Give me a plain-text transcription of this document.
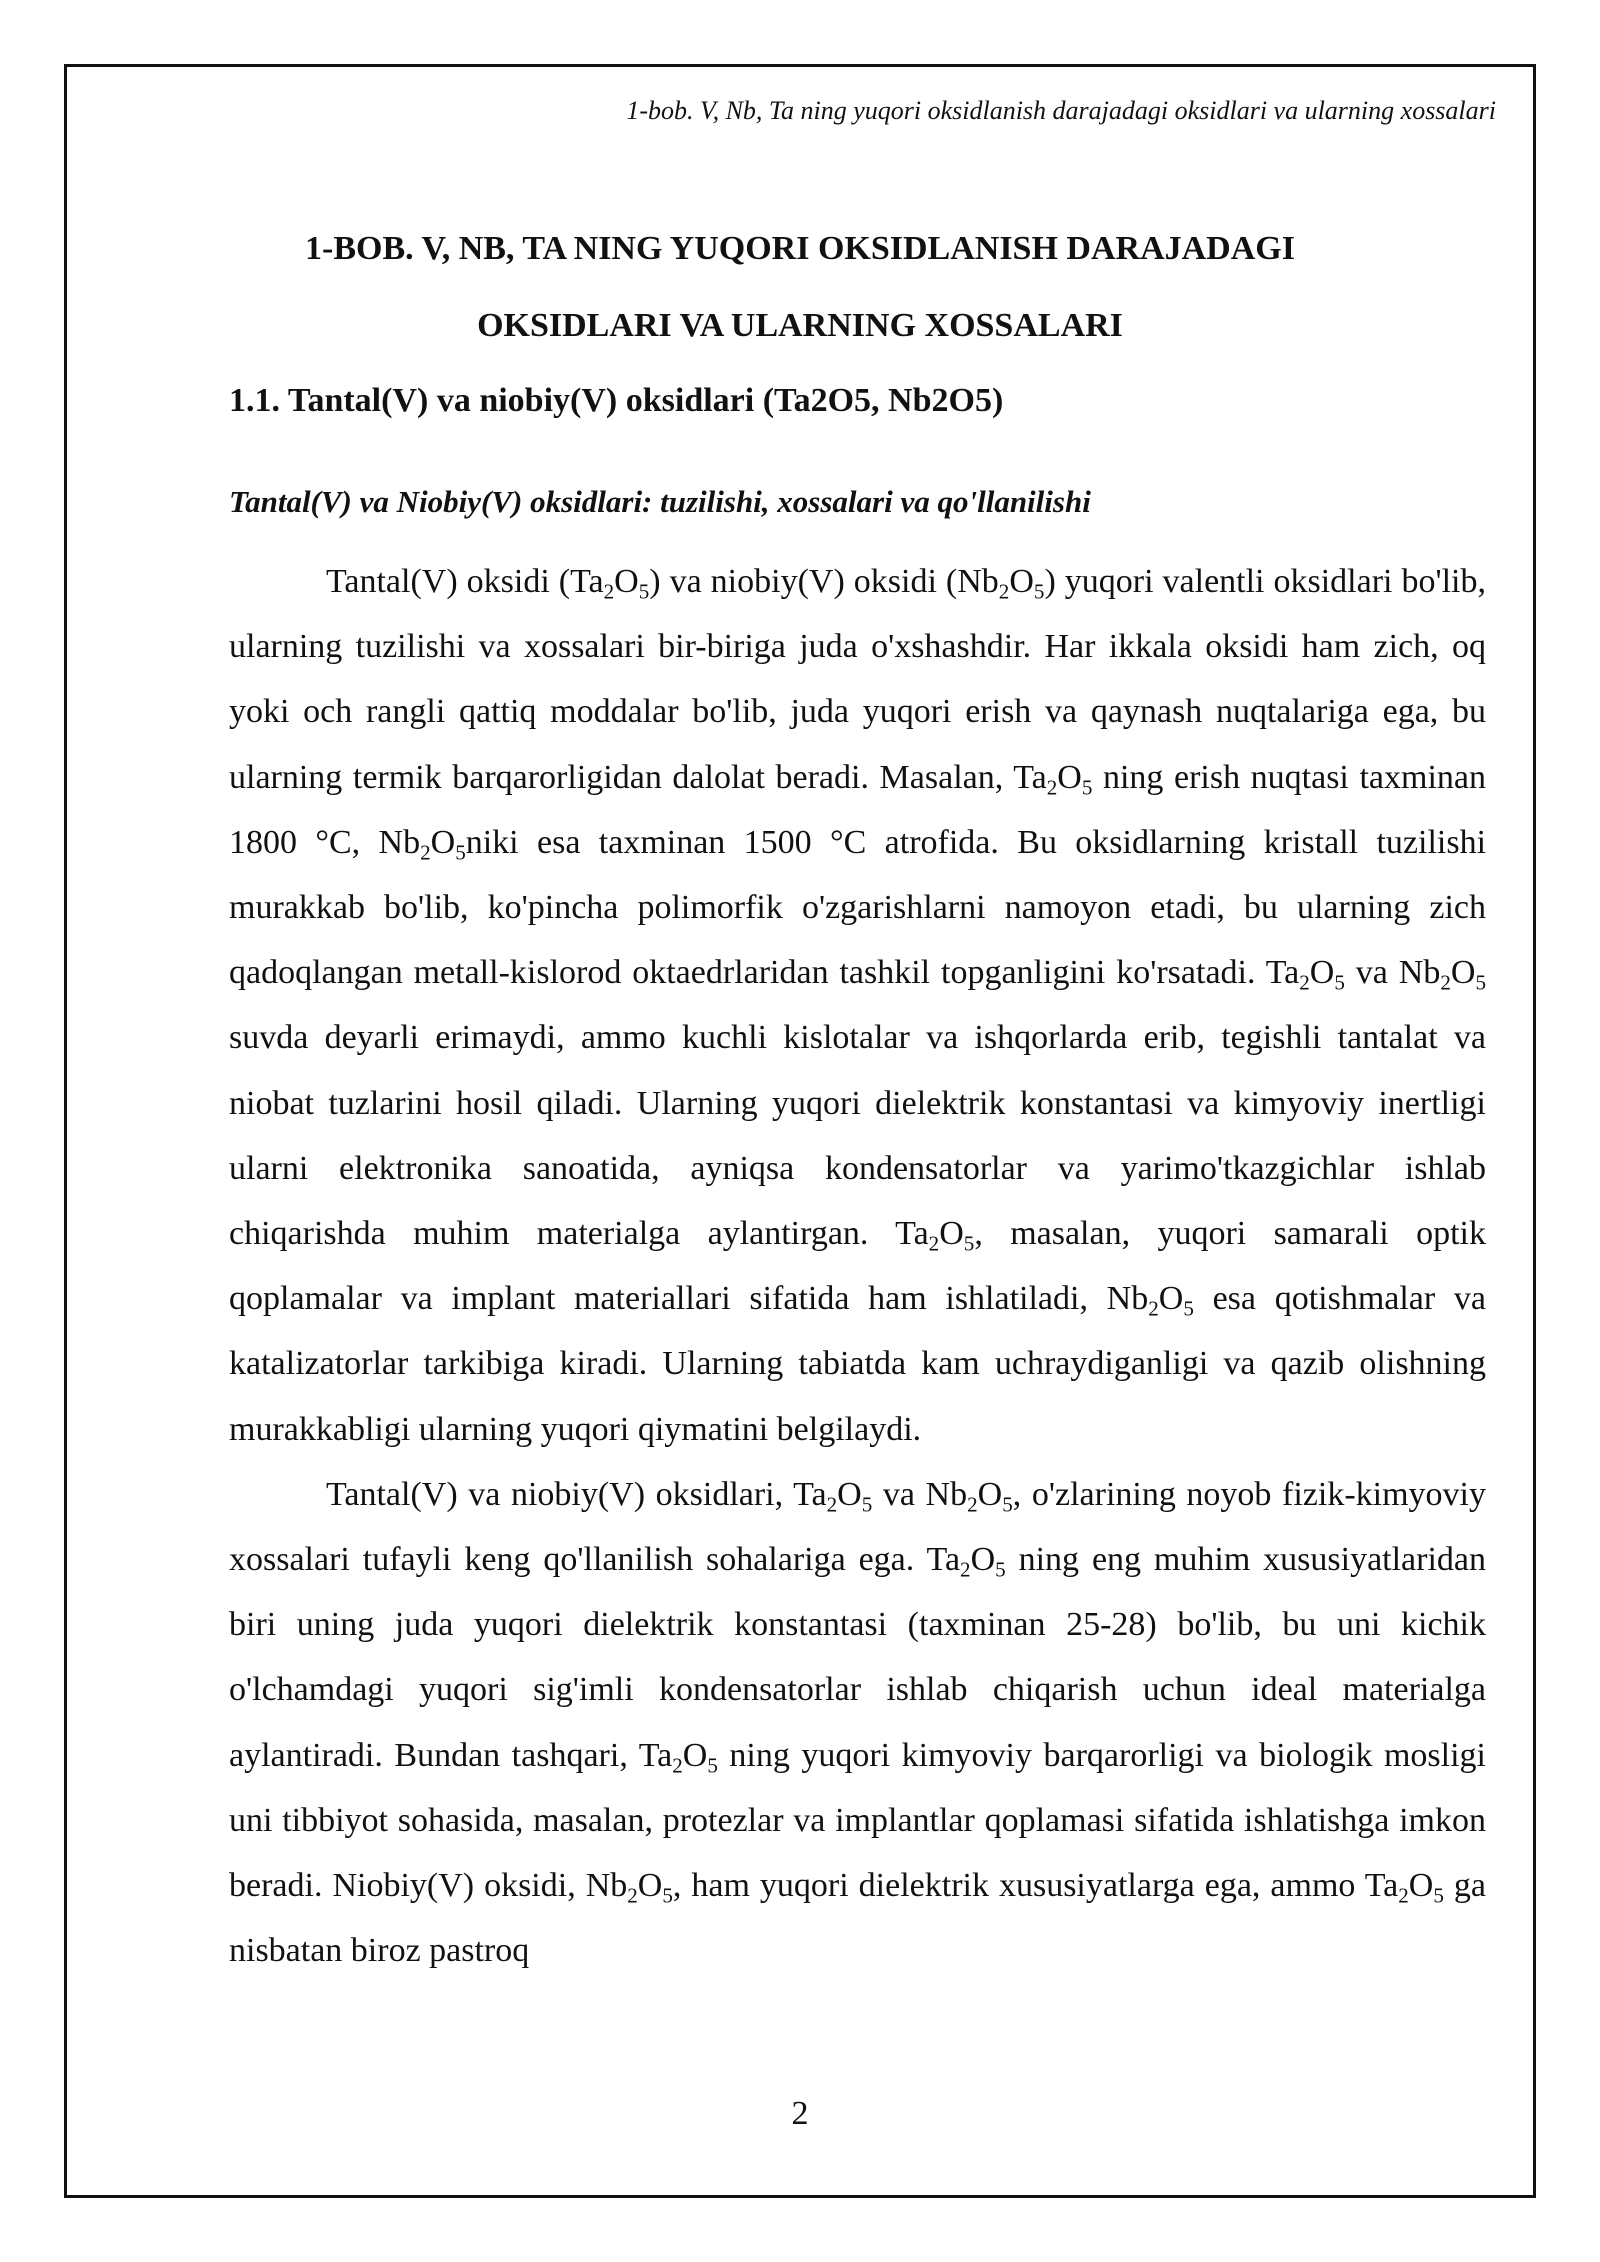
1-bob. V, Nb, Ta ning yuqori oksidlanish darajadagi oksidlari va ularning xossalari
1-BOB. V, NB, TA NING YUQORI OKSIDLANISH DARAJADAGI OKSIDLARI VA ULARNING XOSSALARI
1.1. Tantal(V) va niobiy(V) oksidlari (Ta2O5, Nb2O5)
Tantal(V) va Niobiy(V) oksidlari: tuzilishi, xossalari va qo'llanilishi

Tantal(V) oksidi $(Ta_2O_5)$ va niobiy(V) oksidi $(Nb_2O_5)$ yuqori valentli oksidlari bo'lib, ularning tuzilishi va xossalari bir-biriga juda o'xshashdir. Har ikkala oksidi ham zich, oq yoki och rangli qattiq moddalar bo'lib, juda yuqori erish va qaynash nuqtalariga ega, bu ularning termik barqarorligidan dalolat beradi. Masalan, $Ta_2O_5$ ning erish nuqtasi taxminan 1800 °C, $Nb_2O_5niki$ esa taxminan 1500 °C atrofida. Bu oksidlarning kristall tuzilishi murakkab bo'lib, ko'pincha polimorfik o'zgarishlarni namoyon etadi, bu ularning zich qadoqlangan metall-kislorod oktaedrlaridan tashkil topganligini ko'rsatadi. $Ta_2O_5$ va $Nb_2O_5$ suvda deyarli erimaydi, ammo kuchli kislotalar va ishqorlarda erib, tegishli tantalat va niobat tuzlarini hosil qiladi. Ularning yuqori dielektrik konstantasi va kimyoviy inertligi ularni elektronika sanoatida, ayniqsa kondensatorlar va yarimo'tkazgichlar ishlab chiqarishda muhim materialga aylantirgan. $Ta_2O_5$, masalan, yuqori samarali optik qoplamalar va implant materiallari sifatida ham ishlatiladi, $Nb_2O_5$ esa qotishmalar va katalizatorlar tarkibiga kiradi. Ularning tabiatda kam uchraydiganligi va qazib olishning murakkabligi ularning yuqori qiymatini belgilaydi.

Tantal(V) va niobiy(V) oksidlari, $Ta_2O_5$ va $Nb_2O_5$, o'zlarining noyob fizik-kimyoviy xossalari tufayli keng qo'llanilish sohalariga ega. $Ta_2O_5$ ning eng muhim xususiyatlaridan biri uning juda yuqori dielektrik konstantasi (taxminan 25-28) bo'lib, bu uni kichik o'lchamdagi yuqori sig'imli kondensatorlar ishlab chiqarish uchun ideal materialga aylantiradi. Bundan tashqari, $Ta_2O_5$ ning yuqori kimyoviy barqarorligi va biologik mosligi uni tibbiyot sohasida, masalan, protezlar va implantlar qoplamasi sifatida ishlatishga imkon beradi. Niobiy(V) oksidi, $Nb_2O_5$, ham yuqori dielektrik xususiyatlarga ega, ammo $Ta_2O_5$ ga nisbatan biroz pastroq

2
